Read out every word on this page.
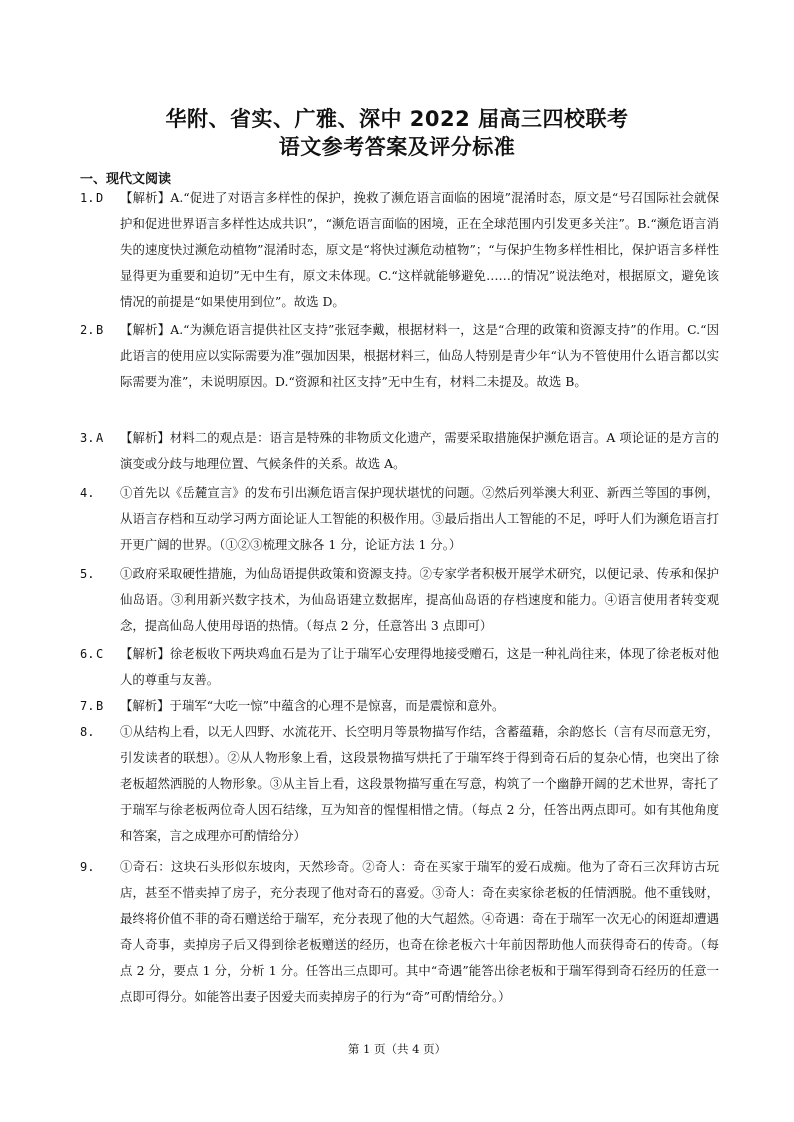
华附、省实、广雅、深中 2022 届高三四校联考
语文参考答案及评分标准
一、现代文阅读
1. D 【解析】A.“促进了对语言多样性的保护，挽救了濒危语言面临的困境”混淆时态，原文是“号召国际社会就保护和促进世界语言多样性达成共识”，“濒危语言面临的困境，正在全球范围内引发更多关注”。B.“濒危语言消失的速度快过濒危动植物”混淆时态，原文是“将快过濒危动植物”；“与保护生物多样性相比，保护语言多样性显得更为重要和迫切”无中生有，原文未体现。C.“这样就能够避免……的情况”说法绝对，根据原文，避免该情况的前提是“如果使用到位”。故选 D。
2. B 【解析】A.“为濒危语言提供社区支持”张冠李戴，根据材料一，这是“合理的政策和资源支持”的作用。C.“因此语言的使用应以实际需要为准”强加因果，根据材料三，仙岛人特别是青少年“认为不管使用什么语言都以实际需要为准”，未说明原因。D.“资源和社区支持”无中生有，材料二未提及。故选 B。
3. A 【解析】材料二的观点是：语言是特殊的非物质文化遗产，需要采取措施保护濒危语言。A 项论证的是方言的演变或分歧与地理位置、气候条件的关系。故选 A。
4. ①首先以《岳麓宣言》的发布引出濒危语言保护现状堪忧的问题。②然后列举澳大利亚、新西兰等国的事例，从语言存档和互动学习两方面论证人工智能的积极作用。③最后指出人工智能的不足，呼吁人们为濒危语言打开更广阔的世界。（①②③梳理文脉各 1 分，论证方法 1 分。）
5. ①政府采取硬性措施，为仙岛语提供政策和资源支持。②专家学者积极开展学术研究，以便记录、传承和保护仙岛语。③利用新兴数字技术，为仙岛语建立数据库，提高仙岛语的存档速度和能力。④语言使用者转变观念，提高仙岛人使用母语的热情。（每点 2 分，任意答出 3 点即可）
6. C 【解析】徐老板收下两块鸡血石是为了让于瑞军心安理得地接受赠石，这是一种礼尚往来，体现了徐老板对他人的尊重与友善。
7. B 【解析】于瑞军“大吃一惊”中蕴含的心理不是惊喜，而是震惊和意外。
8. ①从结构上看，以无人四野、水流花开、长空明月等景物描写作结，含蓄蕴藉，余韵悠长（言有尽而意无穷，引发读者的联想）。②从人物形象上看，这段景物描写烘托了于瑞军终于得到奇石后的复杂心情，也突出了徐老板超然洒脱的人物形象。③从主旨上看，这段景物描写重在写意，构筑了一个幽静开阔的艺术世界，寄托了于瑞军与徐老板两位奇人因石结缘，互为知音的惺惺相惜之情。（每点 2 分，任答出两点即可。如有其他角度和答案，言之成理亦可酌情给分）
9. ①奇石：这块石头形似东坡肉，天然珍奇。②奇人：奇在买家于瑞军的爱石成痴。他为了奇石三次拜访古玩店，甚至不惜卖掉了房子，充分表现了他对奇石的喜爱。③奇人：奇在卖家徐老板的任情洒脱。他不重钱财，最终将价值不菲的奇石赠送给于瑞军，充分表现了他的大气超然。④奇遇：奇在于瑞军一次无心的闲逛却遭遇奇人奇事，卖掉房子后又得到徐老板赠送的经历，也奇在徐老板六十年前因帮助他人而获得奇石的传奇。（每点 2 分，要点 1 分，分析 1 分。任答出三点即可。其中“奇遇”能答出徐老板和于瑞军得到奇石经历的任意一点即可得分。如能答出妻子因爱夫而卖掉房子的行为“奇”可酌情给分。）
第 1 页（共 4 页）
